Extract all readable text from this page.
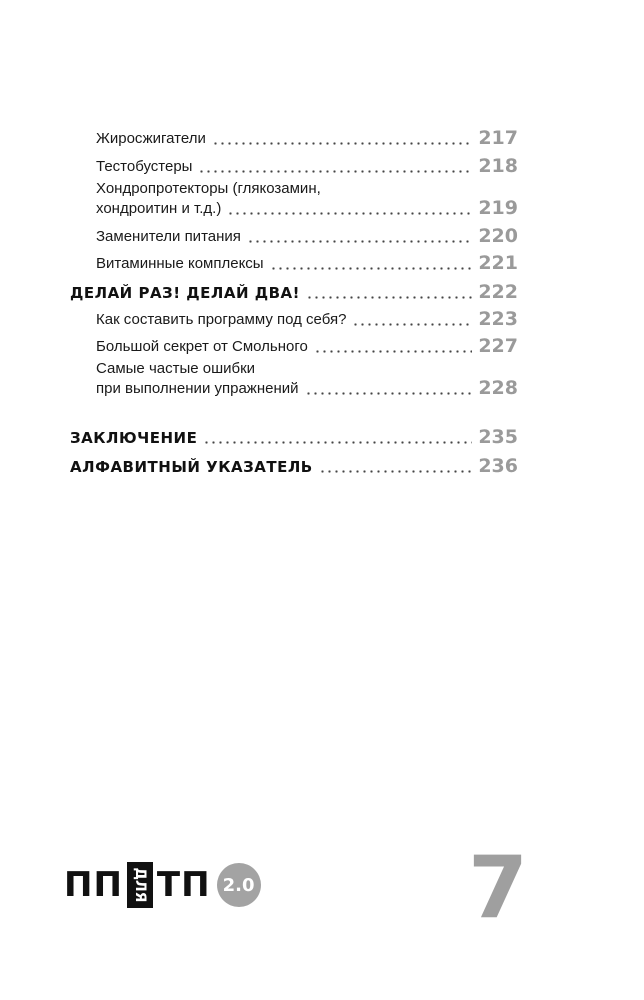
Жиросжигатели	217
Тестобустеры	218
Хондропротекторы (глякозамин,
хондроитин и т.д.)	219
Заменители питания	220
Витаминные комплексы	221
ДЕЛАЙ РАЗ! ДЕЛАЙ ДВА!	222
Как составить программу под себя?	223
Большой секрет от Смольного	227
Самые частые ошибки
при выполнении упражнений	228
ЗАКЛЮЧЕНИЕ	235
АЛФАВИТНЫЙ УКАЗАТЕЛЬ	236
ПП ДЛЯ ТП 2.0 7
